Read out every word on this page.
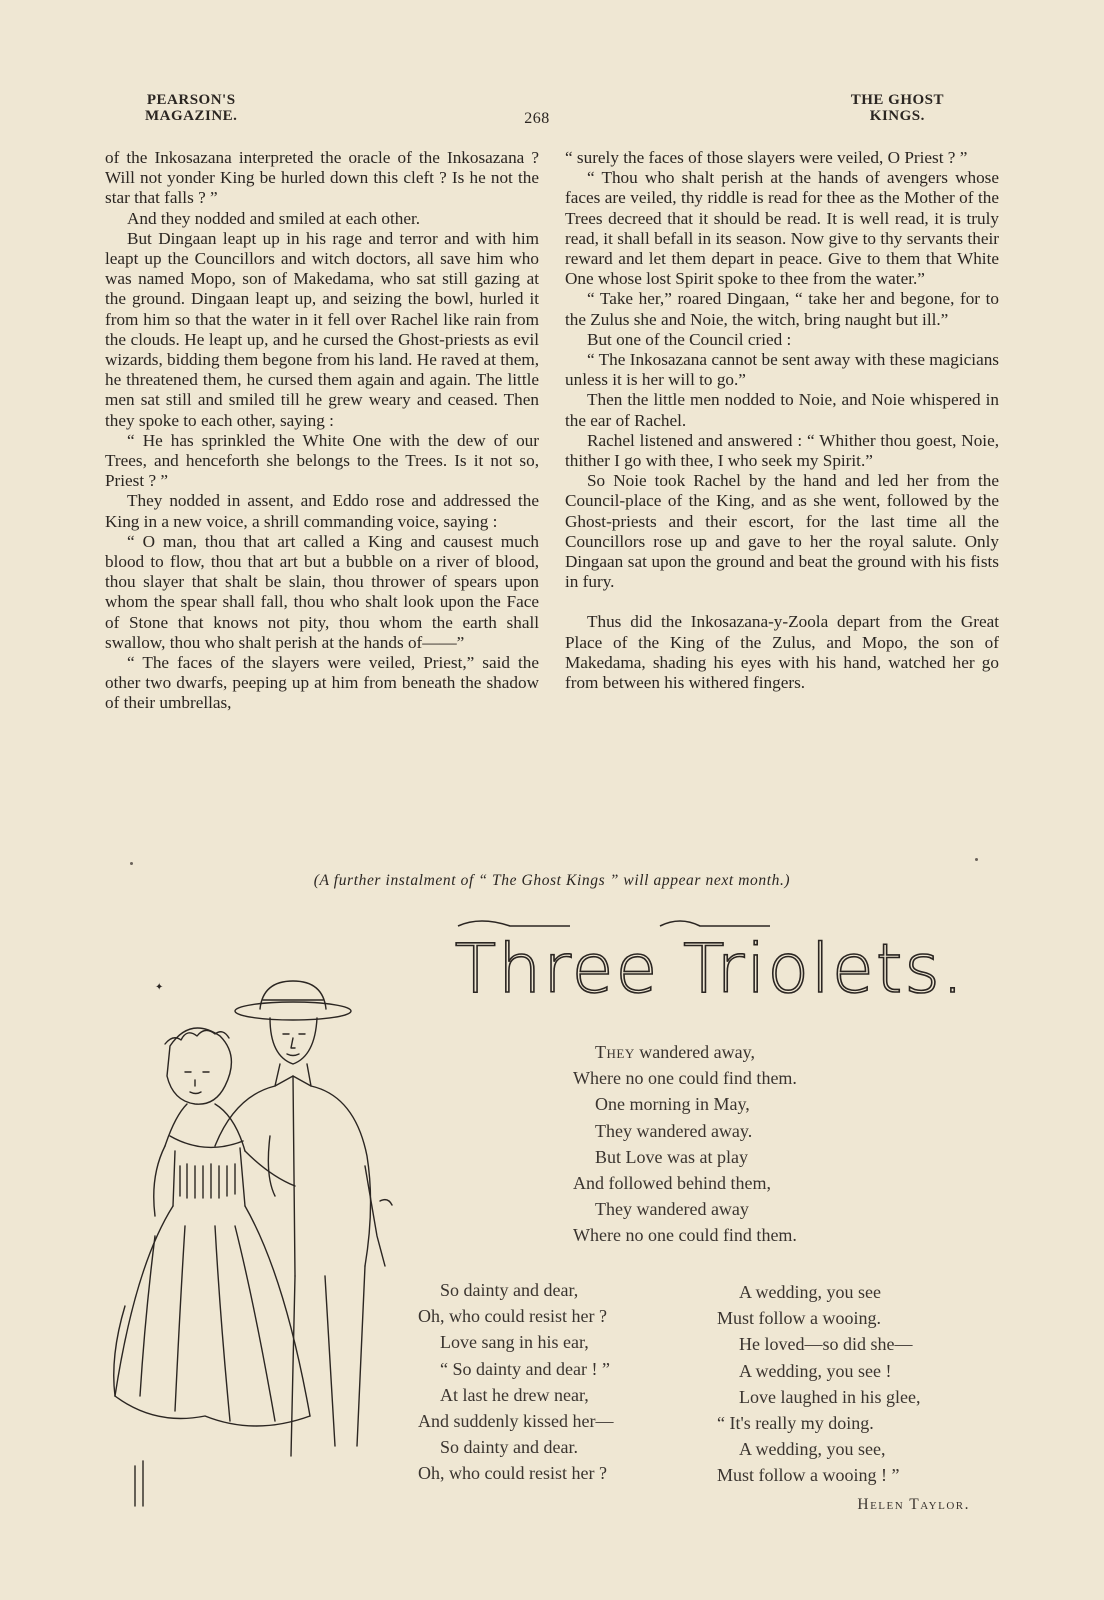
PEARSON'S
MAGAZINE.	268
THE GHOST
KINGS.

of the Inkosazana interpreted the oracle of the Inkosazana ? Will not yonder King be hurled down this cleft ? Is he not the star that falls ? ”

And they nodded and smiled at each other.

But Dingaan leapt up in his rage and terror and with him leapt up the Councillors and witch doctors, all save him who was named Mopo, son of Makedama, who sat still gazing at the ground. Dingaan leapt up, and seizing the bowl, hurled it from him so that the water in it fell over Rachel like rain from the clouds. He leapt up, and he cursed the Ghost-priests as evil wizards, bidding them begone from his land. He raved at them, he threatened them, he cursed them again and again. The little men sat still and smiled till he grew weary and ceased. Then they spoke to each other, saying :

“ He has sprinkled the White One with the dew of our Trees, and henceforth she belongs to the Trees. Is it not so, Priest ? ”

They nodded in assent, and Eddo rose and addressed the King in a new voice, a shrill commanding voice, saying :

“ O man, thou that art called a King and causest much blood to flow, thou that art but a bubble on a river of blood, thou slayer that shalt be slain, thou thrower of spears upon whom the spear shall fall, thou who shalt look upon the Face of Stone that knows not pity, thou whom the earth shall swallow, thou who shalt perish at the hands of——”

“ The faces of the slayers were veiled, Priest,” said the other two dwarfs, peeping up at him from beneath the shadow of their umbrellas,

“ surely the faces of those slayers were veiled, O Priest ? ”

“ Thou who shalt perish at the hands of avengers whose faces are veiled, thy riddle is read for thee as the Mother of the Trees decreed that it should be read. It is well read, it is truly read, it shall befall in its season. Now give to thy servants their reward and let them depart in peace. Give to them that White One whose lost Spirit spoke to thee from the water.”

“ Take her,” roared Dingaan, “ take her and begone, for to the Zulus she and Noie, the witch, bring naught but ill.”

But one of the Council cried :

“ The Inkosazana cannot be sent away with these magicians unless it is her will to go.”

Then the little men nodded to Noie, and Noie whispered in the ear of Rachel.

Rachel listened and answered : “ Whither thou goest, Noie, thither I go with thee, I who seek my Spirit.”

So Noie took Rachel by the hand and led her from the Council-place of the King, and as she went, followed by the Ghost-priests and their escort, for the last time all the Councillors rose up and gave to her the royal salute. Only Dingaan sat upon the ground and beat the ground with his fists in fury.

Thus did the Inkosazana-y-Zoola depart from the Great Place of the King of the Zulus, and Mopo, the son of Makedama, shading his eyes with his hand, watched her go from between his withered fingers.

(A further instalment of “ The Ghost Kings ” will appear next month.)
Three Triolets.
✦
They wandered away,
Where no one could find them.
One morning in May,
They wandered away.
But Love was at play
And followed behind them,
They wandered away
Where no one could find them.
So dainty and dear,
Oh, who could resist her ?
Love sang in his ear,
“ So dainty and dear ! ”
At last he drew near,
And suddenly kissed her—
So dainty and dear.
Oh, who could resist her ?
A wedding, you see
Must follow a wooing.
He loved—so did she—
A wedding, you see !
Love laughed in his glee,
“ It's really my doing.
A wedding, you see,
Must follow a wooing ! ”
Helen Taylor.
